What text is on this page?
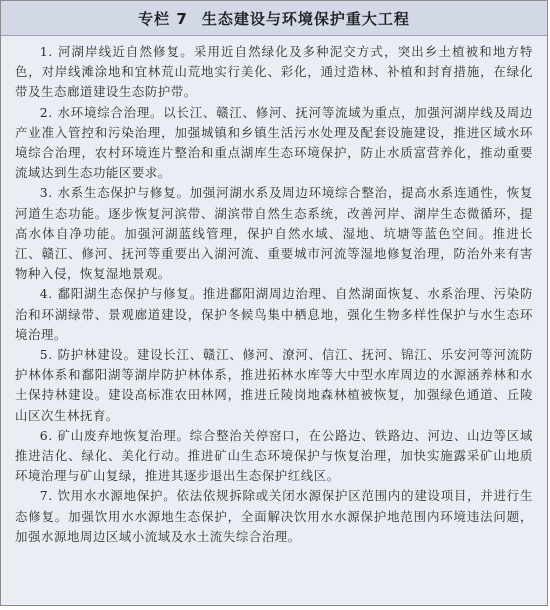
专栏 7 生态建设与环境保护重大工程

1. 河湖岸线近自然修复。采用近自然绿化及多种泥交方式，突出乡土植被和地方特色，对岸线滩涂地和宜林荒山荒地实行美化、彩化，通过造林、补植和封育措施，在绿化带及生态廊道建设生态防护带。

2. 水环境综合治理。以长江、赣江、修河、抚河等流域为重点，加强河湖岸线及周边产业准入管控和污染治理，加强城镇和乡镇生活污水处理及配套设施建设，推进区域水环境综合治理，农村环境连片整治和重点湖库生态环境保护，防止水质富营养化，推动重要流域达到生态功能区要求。

3. 水系生态保护与修复。加强河湖水系及周边环境综合整治，提高水系连通性，恢复河道生态功能。逐步恢复河滨带、湖滨带自然生态系统，改善河岸、湖岸生态微循环，提高水体自净功能。加强河湖蓝线管理，保护自然水域、湿地、坑塘等蓝色空间。推进长江、赣江、修河、抚河等重要出入湖河流、重要城市河流等湿地修复治理，防治外来有害物种入侵，恢复湿地景观。

4. 鄱阳湖生态保护与修复。推进鄱阳湖周边治理、自然湖面恢复、水系治理、污染防治和环湖绿带、景观廊道建设，保护冬候鸟集中栖息地，强化生物多样性保护与水生态环境治理。

5. 防护林建设。建设长江、赣江、修河、潦河、信江、抚河、锦江、乐安河等河流防护林体系和鄱阳湖等湖岸防护林体系，推进拓林水库等大中型水库周边的水源涵养林和水土保持林建设。建设高标准农田林网，推进丘陵岗地森林植被恢复，加强绿色通道、丘陵山区次生林抚育。

6. 矿山废弃地恢复治理。综合整治关停窑口，在公路边、铁路边、河边、山边等区域推进洁化、绿化、美化行动。推进矿山生态环境保护与恢复治理，加快实施露采矿山地质环境治理与矿山复绿，推进其逐步退出生态保护红线区。

7. 饮用水水源地保护。依法依规拆除或关闭水源保护区范围内的建设项目，并进行生态修复。加强饮用水水源地生态保护，全面解决饮用水水源保护地范围内环境违法问题，加强水源地周边区域小流域及水土流失综合治理。
